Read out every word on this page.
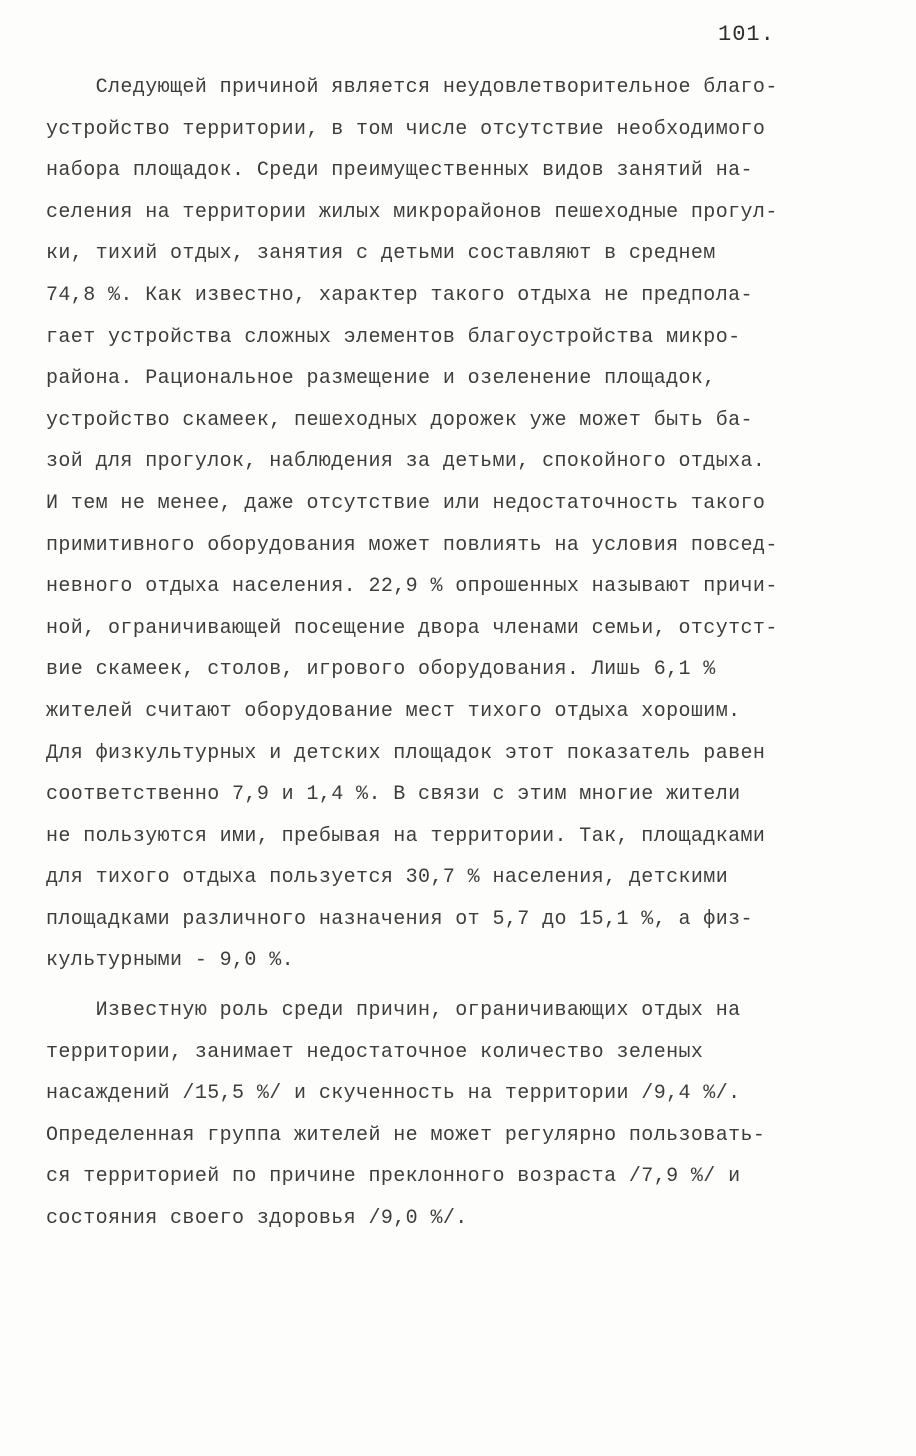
101.
Следующей причиной является неудовлетворительное благо-
устройство территории, в том числе отсутствие необходимого
набора площадок. Среди преимущественных видов занятий на-
селения на территории жилых микрорайонов пешеходные прогул-
ки, тихий отдых, занятия с детьми составляют в среднем
74,8 %. Как известно, характер такого отдыха не предпола-
гает устройства сложных элементов благоустройства микро-
района. Рациональное размещение и озеленение площадок,
устройство скамеек, пешеходных дорожек уже может быть ба-
зой для прогулок, наблюдения за детьми, спокойного отдыха.
И тем не менее, даже отсутствие или недостаточность такого
примитивного оборудования может повлиять на условия повсед-
невного отдыха населения. 22,9 % опрошенных называют причи-
ной, ограничивающей посещение двора членами семьи, отсутст-
вие скамеек, столов, игрового оборудования. Лишь 6,1 %
жителей считают оборудование мест тихого отдыха хорошим.
Для физкультурных и детских площадок этот показатель равен
соответственно 7,9 и 1,4 %. В связи с этим многие жители
не пользуются ими, пребывая на территории. Так, площадками
для тихого отдыха пользуется 30,7 % населения, детскими
площадками различного назначения от 5,7 до 15,1 %, а физ-
культурными - 9,0 %.
Известную роль среди причин, ограничивающих отдых на
территории, занимает недостаточное количество зеленых
насаждений /15,5 %/ и скученность на территории /9,4 %/.
Определенная группа жителей не может регулярно пользовать-
ся территорией по причине преклонного возраста /7,9 %/ и
состояния своего здоровья /9,0 %/.
